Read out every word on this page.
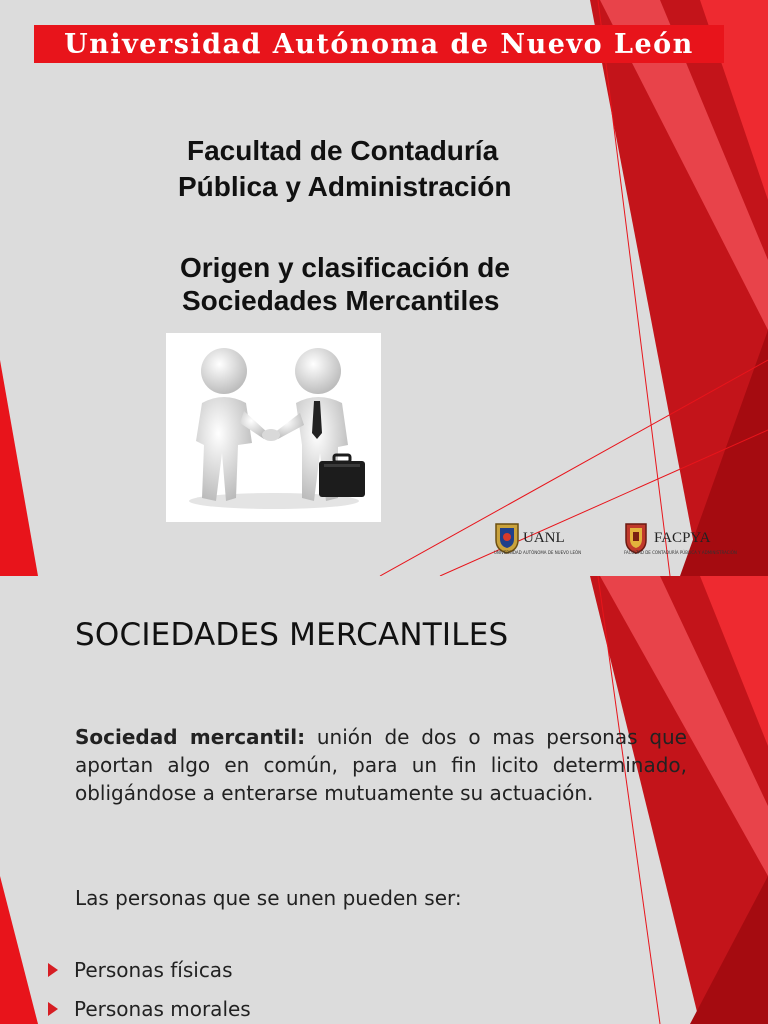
Universidad Autónoma de Nuevo León
Facultad de Contaduría
Pública y Administración
Origen y clasificación de
Sociedades Mercantiles
UANL
UNIVERSIDAD AUTÓNOMA DE NUEVO LEÓN
FACPYA
FACULTAD DE CONTADURÍA PÚBLICA Y ADMINISTRACIÓN
SOCIEDADES MERCANTILES
Sociedad mercantil: unión de dos o mas personas que aportan algo en común, para un fin licito determinado, obligándose a enterarse mutuamente su actuación.
Las personas que se unen pueden ser:
Personas físicas
Personas morales
